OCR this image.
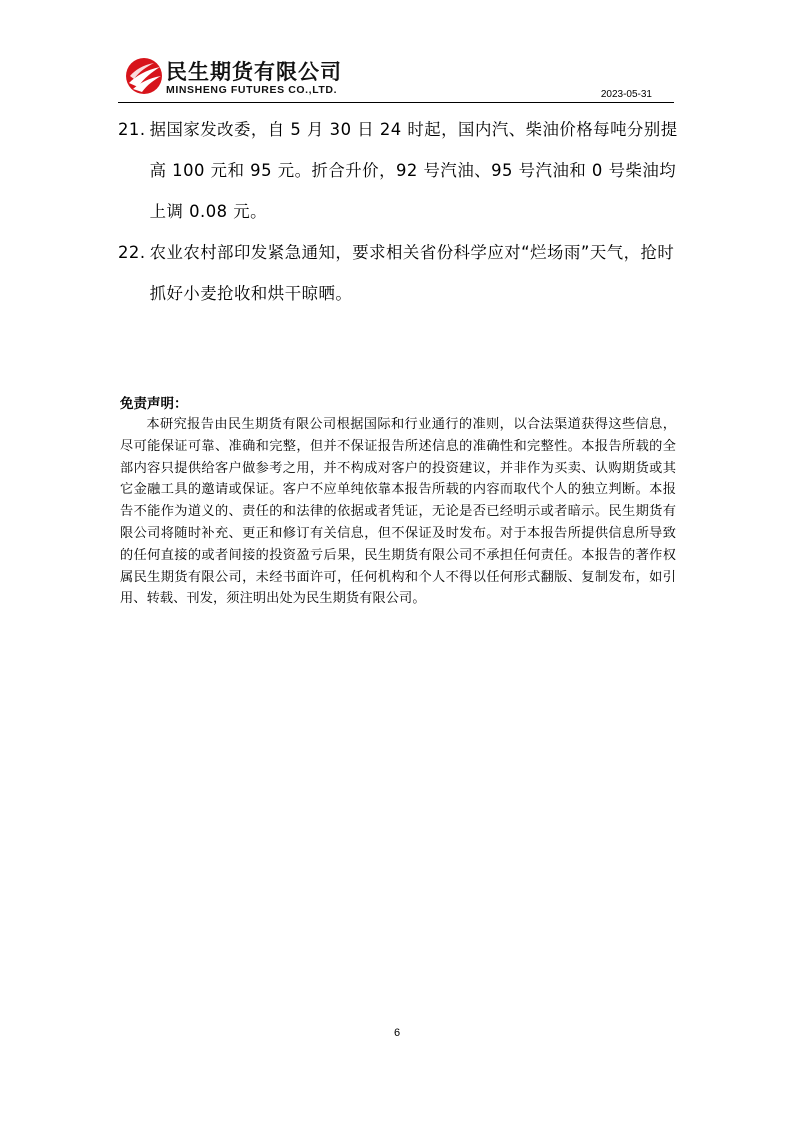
民生期货有限公司
MINSHENG FUTURES CO.,LTD.	2023-05-31
21. 据国家发改委，自 5 月 30 日 24 时起，国内汽、柴油价格每吨分别提高 100 元和 95 元。折合升价，92 号汽油、95 号汽油和 0 号柴油均上调 0.08 元。
22. 农业农村部印发紧急通知，要求相关省份科学应对“烂场雨”天气，抢时抓好小麦抢收和烘干晾晒。
免责声明：
本研究报告由民生期货有限公司根据国际和行业通行的准则，以合法渠道获得这些信息，尽可能保证可靠、准确和完整，但并不保证报告所述信息的准确性和完整性。本报告所载的全部内容只提供给客户做参考之用，并不构成对客户的投资建议，并非作为买卖、认购期货或其它金融工具的邀请或保证。客户不应单纯依靠本报告所载的内容而取代个人的独立判断。本报告不能作为道义的、责任的和法律的依据或者凭证，无论是否已经明示或者暗示。民生期货有限公司将随时补充、更正和修订有关信息，但不保证及时发布。对于本报告所提供信息所导致的任何直接的或者间接的投资盈亏后果，民生期货有限公司不承担任何责任。本报告的著作权属民生期货有限公司，未经书面许可，任何机构和个人不得以任何形式翻版、复制发布，如引用、转载、刊发，须注明出处为民生期货有限公司。
6
